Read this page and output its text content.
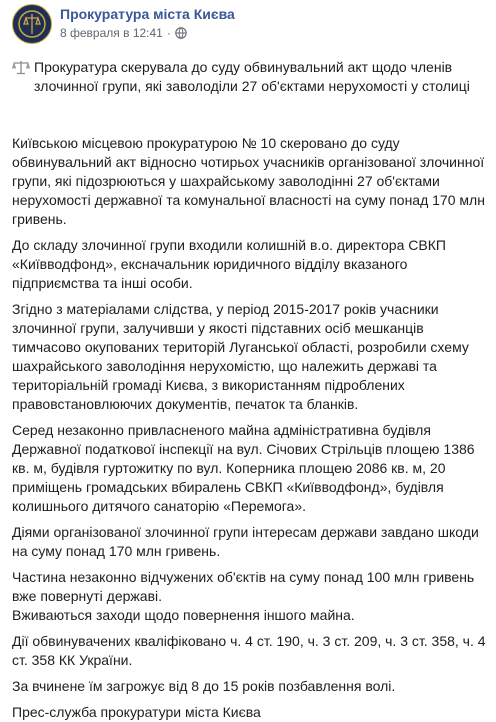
Прокуратура міста Києва
8 февраля в 12:41 ·

Прокуратура скерувала до суду обвинувальний акт щодо членів злочинної групи, які заволоділи 27 об'єктами нерухомості у столиці

Київською місцевою прокуратурою № 10 скеровано до суду обвинувальний акт відносно чотирьох учасників організованої злочинної групи, які підозрюються у шахрайському заволодінні 27 об'єктами нерухомості державної та комунальної власності на суму понад 170 млн гривень.

До складу злочинної групи входили колишній в.о. директора СВКП «Київводфонд», ексначальник юридичного відділу вказаного підприємства та інші особи.

Згідно з матеріалами слідства, у період 2015-2017 років учасники злочинної групи, залучивши у якості підставних осіб мешканців тимчасово окупованих територій Луганської області, розробили схему шахрайського заволодіння нерухомістю, що належить державі та територіальній громаді Києва, з використанням підроблених правовстановлюючих документів, печаток та бланків.

Серед незаконно привласненого майна адміністративна будівля Державної податкової інспекції на вул. Січових Стрільців площею 1386 кв. м, будівля гуртожитку по вул. Коперника площею 2086 кв. м, 20 приміщень громадських вбиралень СВКП «Київводфонд», будівля колишнього дитячого санаторію «Перемога».

Діями організованої злочинної групи інтересам держави завдано шкоди на суму понад 170 млн гривень.

Частина незаконно відчужених об'єктів на суму понад 100 млн гривень вже повернуті державі.
Вживаються заходи щодо повернення іншого майна.

Дії обвинувачених кваліфіковано ч. 4 ст. 190, ч. 3 ст. 209, ч. 3 ст. 358, ч. 4 ст. 358 КК України.

За вчинене їм загрожує від 8 до 15 років позбавлення волі.

Прес-служба прокуратури міста Києва
